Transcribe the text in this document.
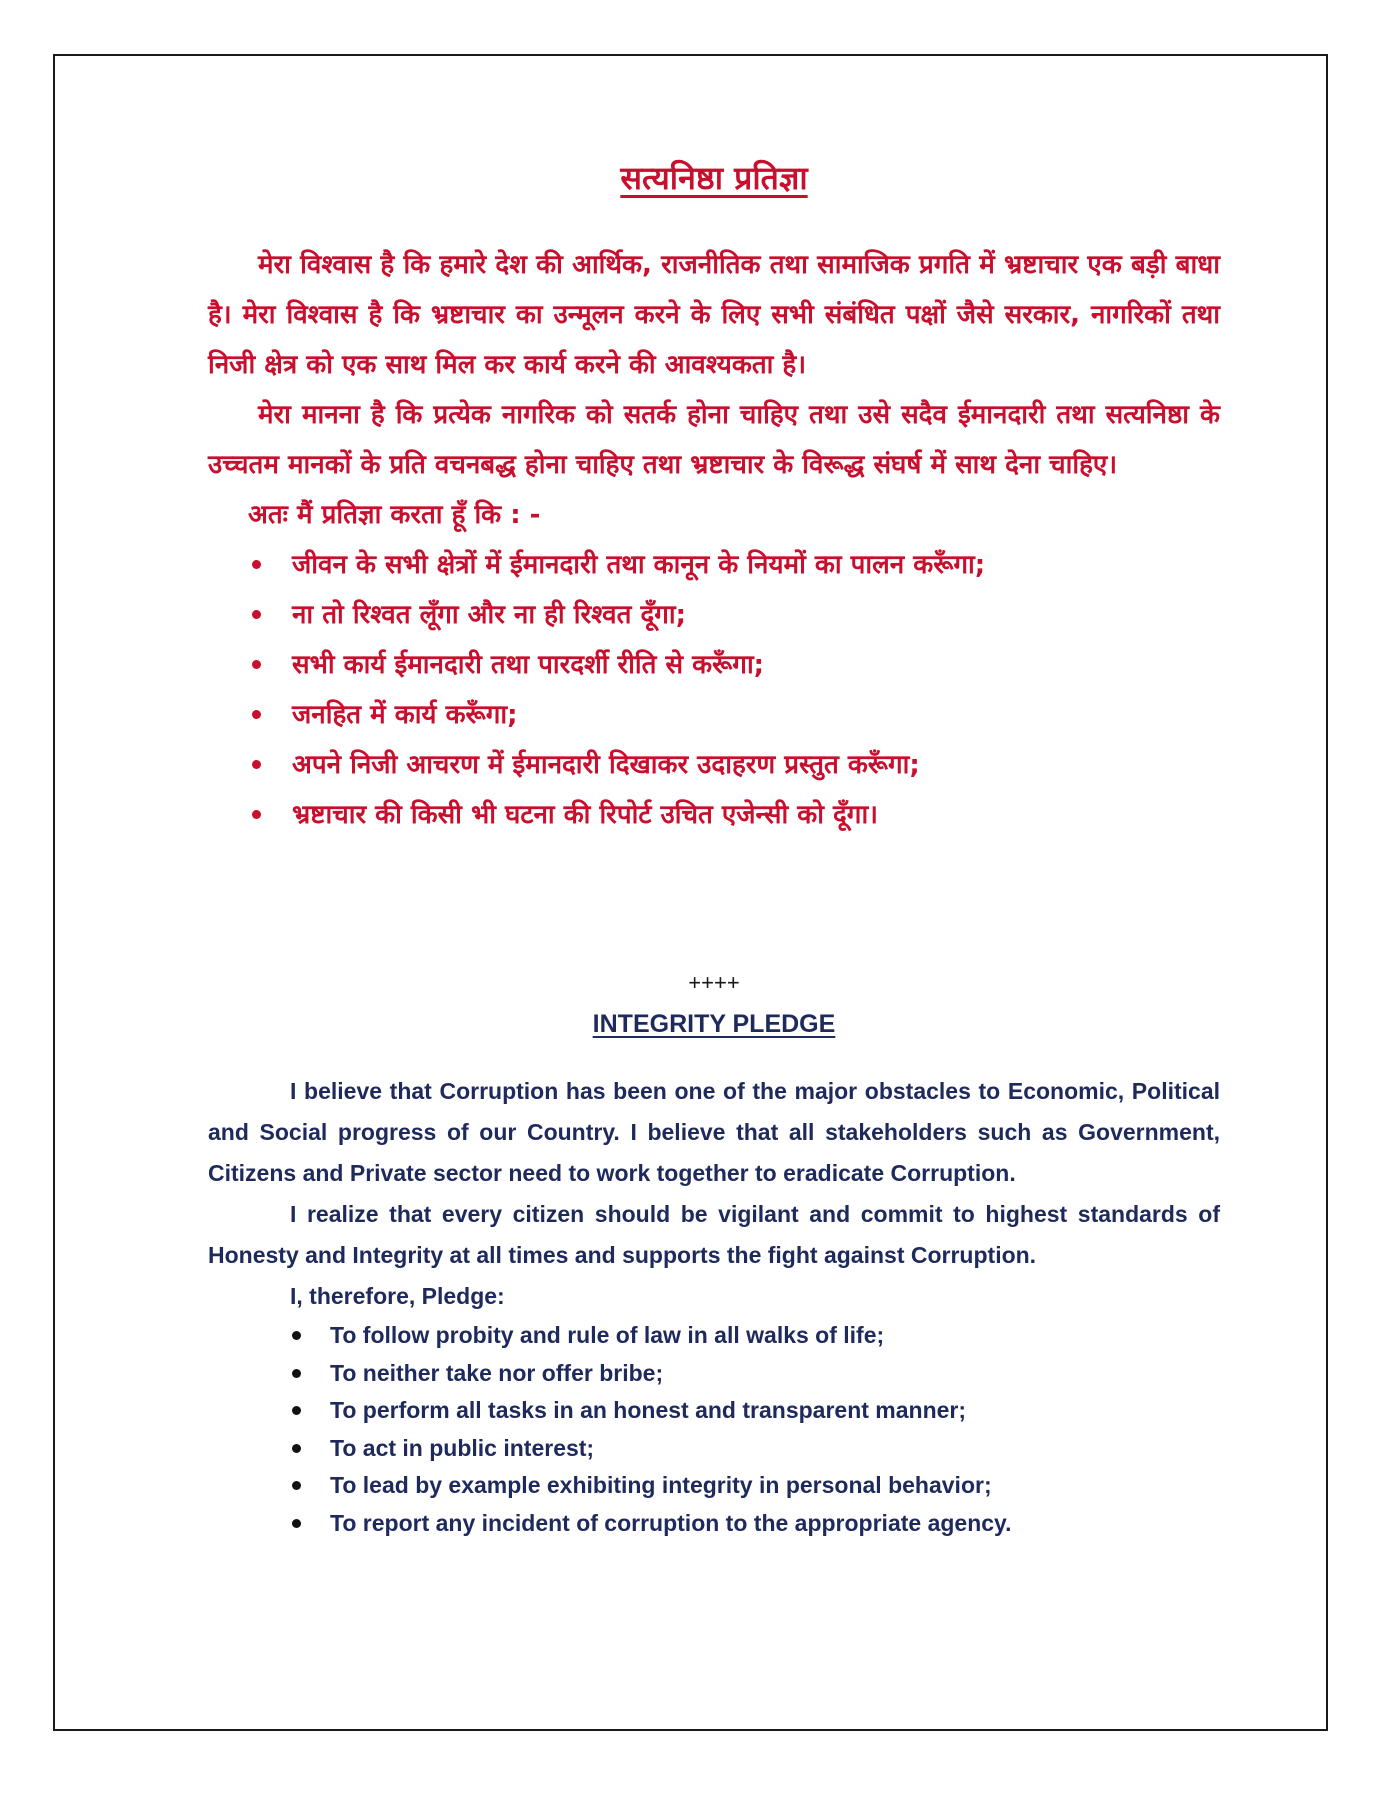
सत्यनिष्ठा प्रतिज्ञा

मेरा विश्वास है कि हमारे देश की आर्थिक, राजनीतिक तथा सामाजिक प्रगति में भ्रष्टाचार एक बड़ी बाधा है। मेरा विश्वास है कि भ्रष्टाचार का उन्मूलन करने के लिए सभी संबंधित पक्षों जैसे सरकार, नागरिकों तथा निजी क्षेत्र को एक साथ मिल कर कार्य करने की आवश्यकता है।

मेरा मानना है कि प्रत्येक नागरिक को सतर्क होना चाहिए तथा उसे सदैव ईमानदारी तथा सत्यनिष्ठा के उच्चतम मानकों के प्रति वचनबद्ध होना चाहिए तथा भ्रष्टाचार के विरूद्ध संघर्ष में साथ देना चाहिए।

अतः मैं प्रतिज्ञा करता हूँ कि : -
जीवन के सभी क्षेत्रों में ईमानदारी तथा कानून के नियमों का पालन करूँगा;
ना तो रिश्वत लूँगा और ना ही रिश्वत दूँगा;
सभी कार्य ईमानदारी तथा पारदर्शी रीति से करूँगा;
जनहित में कार्य करूँगा;
अपने निजी आचरण में ईमानदारी दिखाकर उदाहरण प्रस्तुत करूँगा;
भ्रष्टाचार की किसी भी घटना की रिपोर्ट उचित एजेन्सी को दूँगा।
++++
INTEGRITY PLEDGE

I believe that Corruption has been one of the major obstacles to Economic, Political and Social progress of our Country. I believe that all stakeholders such as Government, Citizens and Private sector need to work together to eradicate Corruption.

I realize that every citizen should be vigilant and commit to highest standards of Honesty and Integrity at all times and supports the fight against Corruption.

I, therefore, Pledge:
To follow probity and rule of law in all walks of life;
To neither take nor offer bribe;
To perform all tasks in an honest and transparent manner;
To act in public interest;
To lead by example exhibiting integrity in personal behavior;
To report any incident of corruption to the appropriate agency.
